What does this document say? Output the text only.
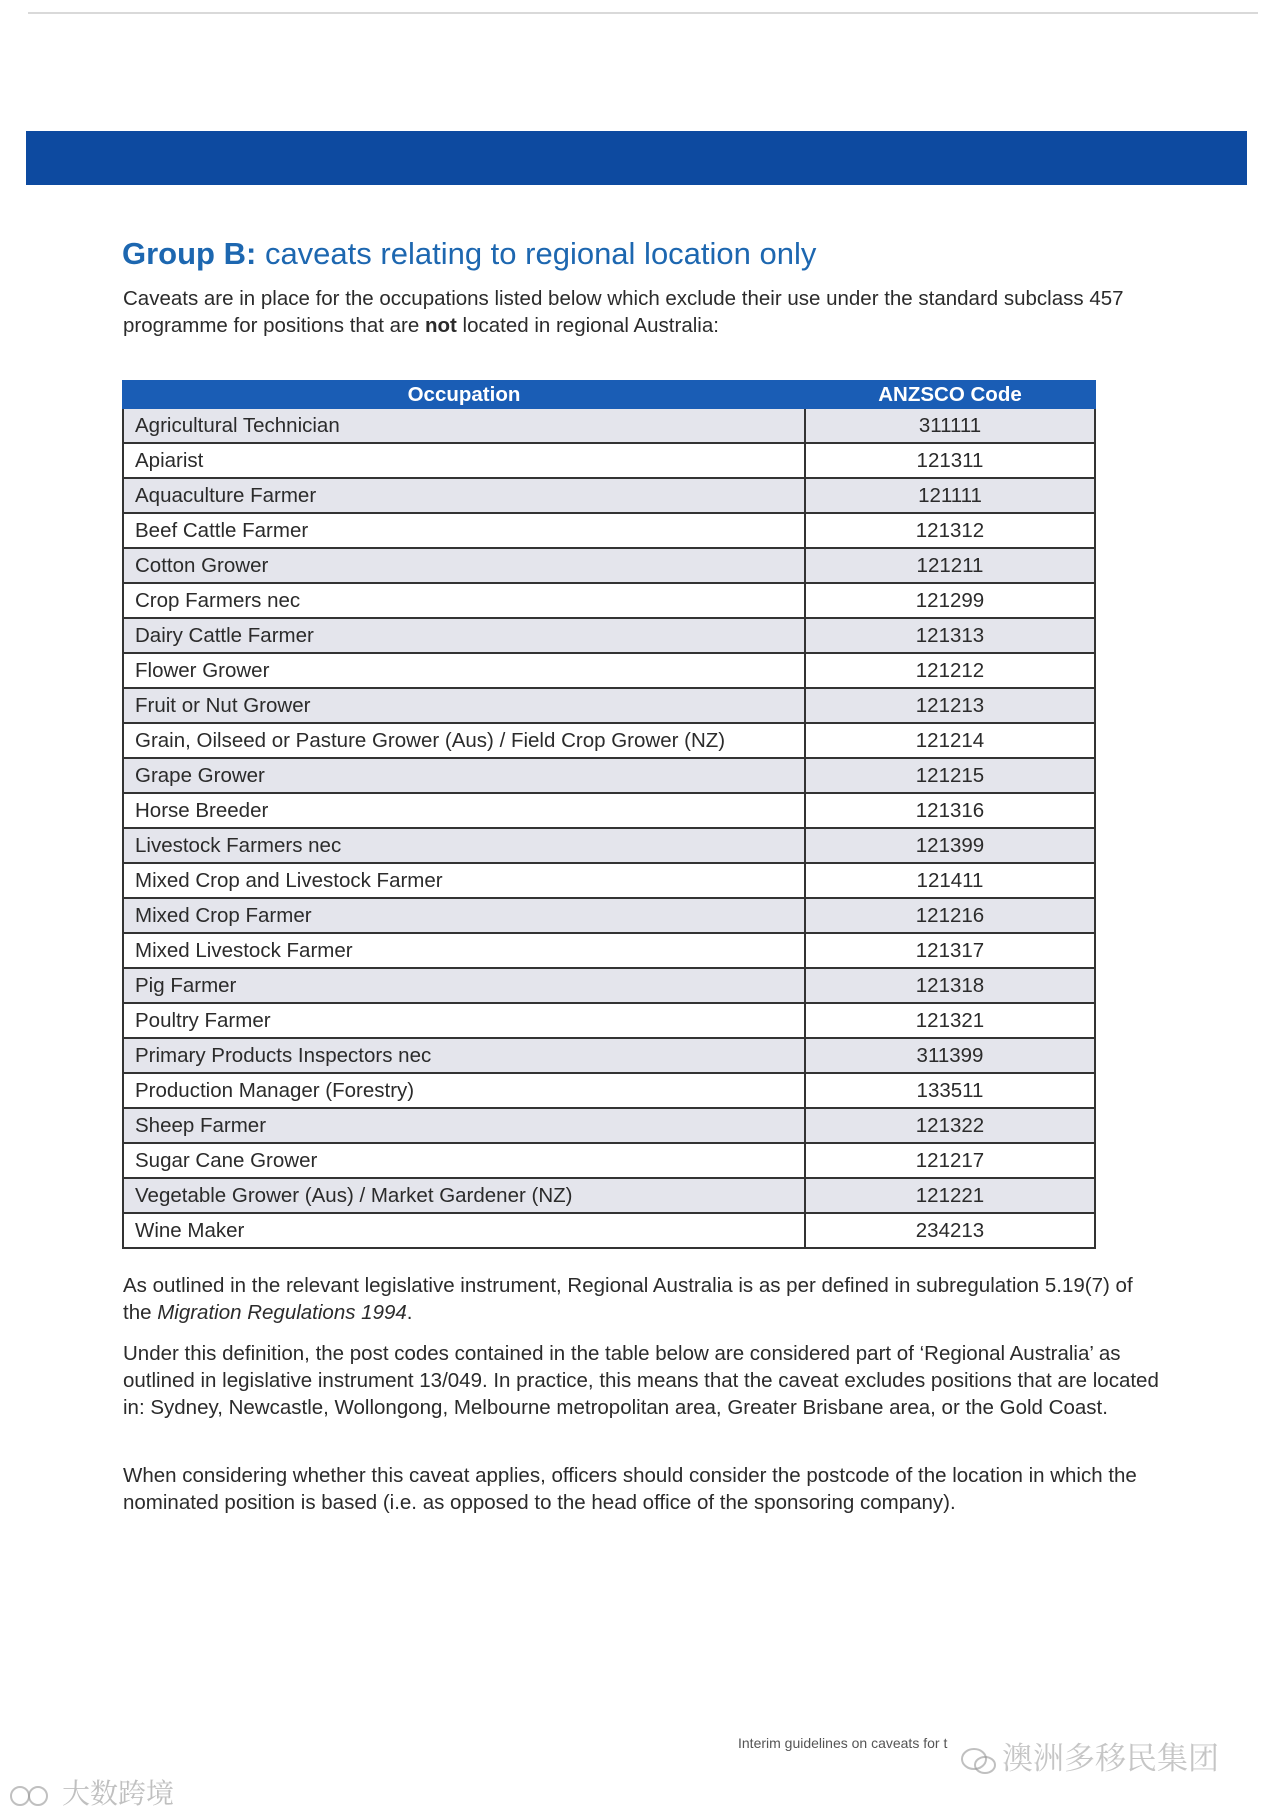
Group B: caveats relating to regional location only

Caveats are in place for the occupations listed below which exclude their use under the standard subclass 457 programme for positions that are not located in regional Australia:

Occupation	ANZSCO Code
Agricultural Technician	311111
Apiarist	121311
Aquaculture Farmer	121111
Beef Cattle Farmer	121312
Cotton Grower	121211
Crop Farmers nec	121299
Dairy Cattle Farmer	121313
Flower Grower	121212
Fruit or Nut Grower	121213
Grain, Oilseed or Pasture Grower (Aus) / Field Crop Grower (NZ)	121214
Grape Grower	121215
Horse Breeder	121316
Livestock Farmers nec	121399
Mixed Crop and Livestock Farmer	121411
Mixed Crop Farmer	121216
Mixed Livestock Farmer	121317
Pig Farmer	121318
Poultry Farmer	121321
Primary Products Inspectors nec	311399
Production Manager (Forestry)	133511
Sheep Farmer	121322
Sugar Cane Grower	121217
Vegetable Grower (Aus) / Market Gardener (NZ)	121221
Wine Maker	234213

As outlined in the relevant legislative instrument, Regional Australia is as per defined in subregulation 5.19(7) of the Migration Regulations 1994.

Under this definition, the post codes contained in the table below are considered part of ‘Regional Australia’ as outlined in legislative instrument 13/049. In practice, this means that the caveat excludes positions that are located in: Sydney, Newcastle, Wollongong, Melbourne metropolitan area, Greater Brisbane area, or the Gold Coast.

When considering whether this caveat applies, officers should consider the postcode of the location in which the nominated position is based (i.e. as opposed to the head office of the sponsoring company).

Interim guidelines on caveats for t	澳洲多移民集团
大数跨境
